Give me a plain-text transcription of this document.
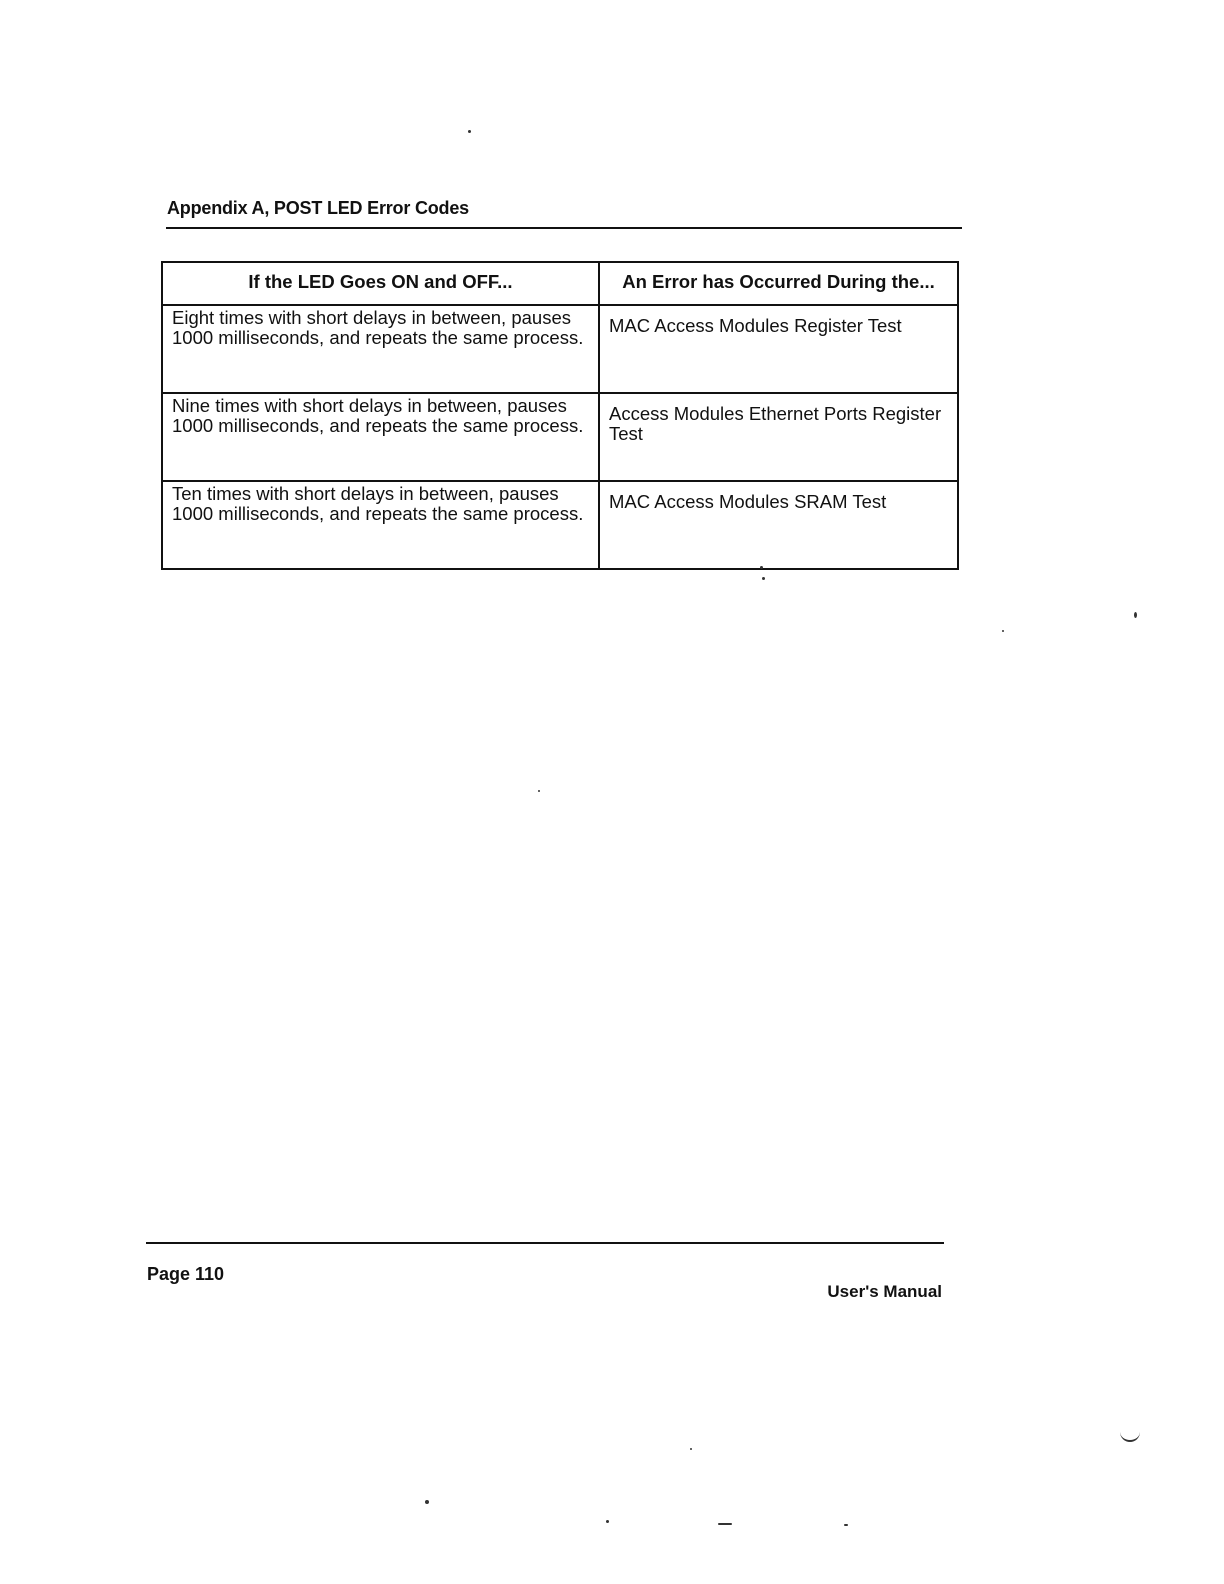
Appendix A, POST LED Error Codes
If the LED Goes ON and OFF...	An Error has Occurred During the...
Eight times with short delays in between, pauses 1000 milliseconds, and repeats the same process.	MAC Access Modules Register Test
Nine times with short delays in between, pauses 1000 milliseconds, and repeats the same process.	Access Modules Ethernet Ports Register Test
Ten times with short delays in between, pauses 1000 milliseconds, and repeats the same process.	MAC Access Modules SRAM Test
Page 110
User's Manual
